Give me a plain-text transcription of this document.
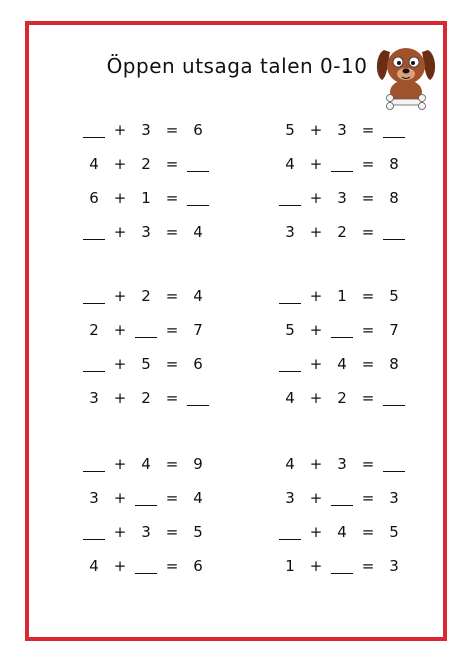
Öppen utsaga talen 0-10
+ 3 = 6
4 + 2 =
6 + 1 =
+ 3 = 4
5 + 3 =
4 +	= 8
+ 3 = 8
3 + 2 =
+ 2 = 4
2 +	= 7
+ 5 = 6
3 + 2 =
+ 1 = 5
5 +	= 7
+ 4 = 8
4 + 2 =
+ 4 = 9
3 +	= 4
+ 3 = 5
4 +	= 6
4 + 3 =
3 +	= 3
+ 4 = 5
1 +	= 3
